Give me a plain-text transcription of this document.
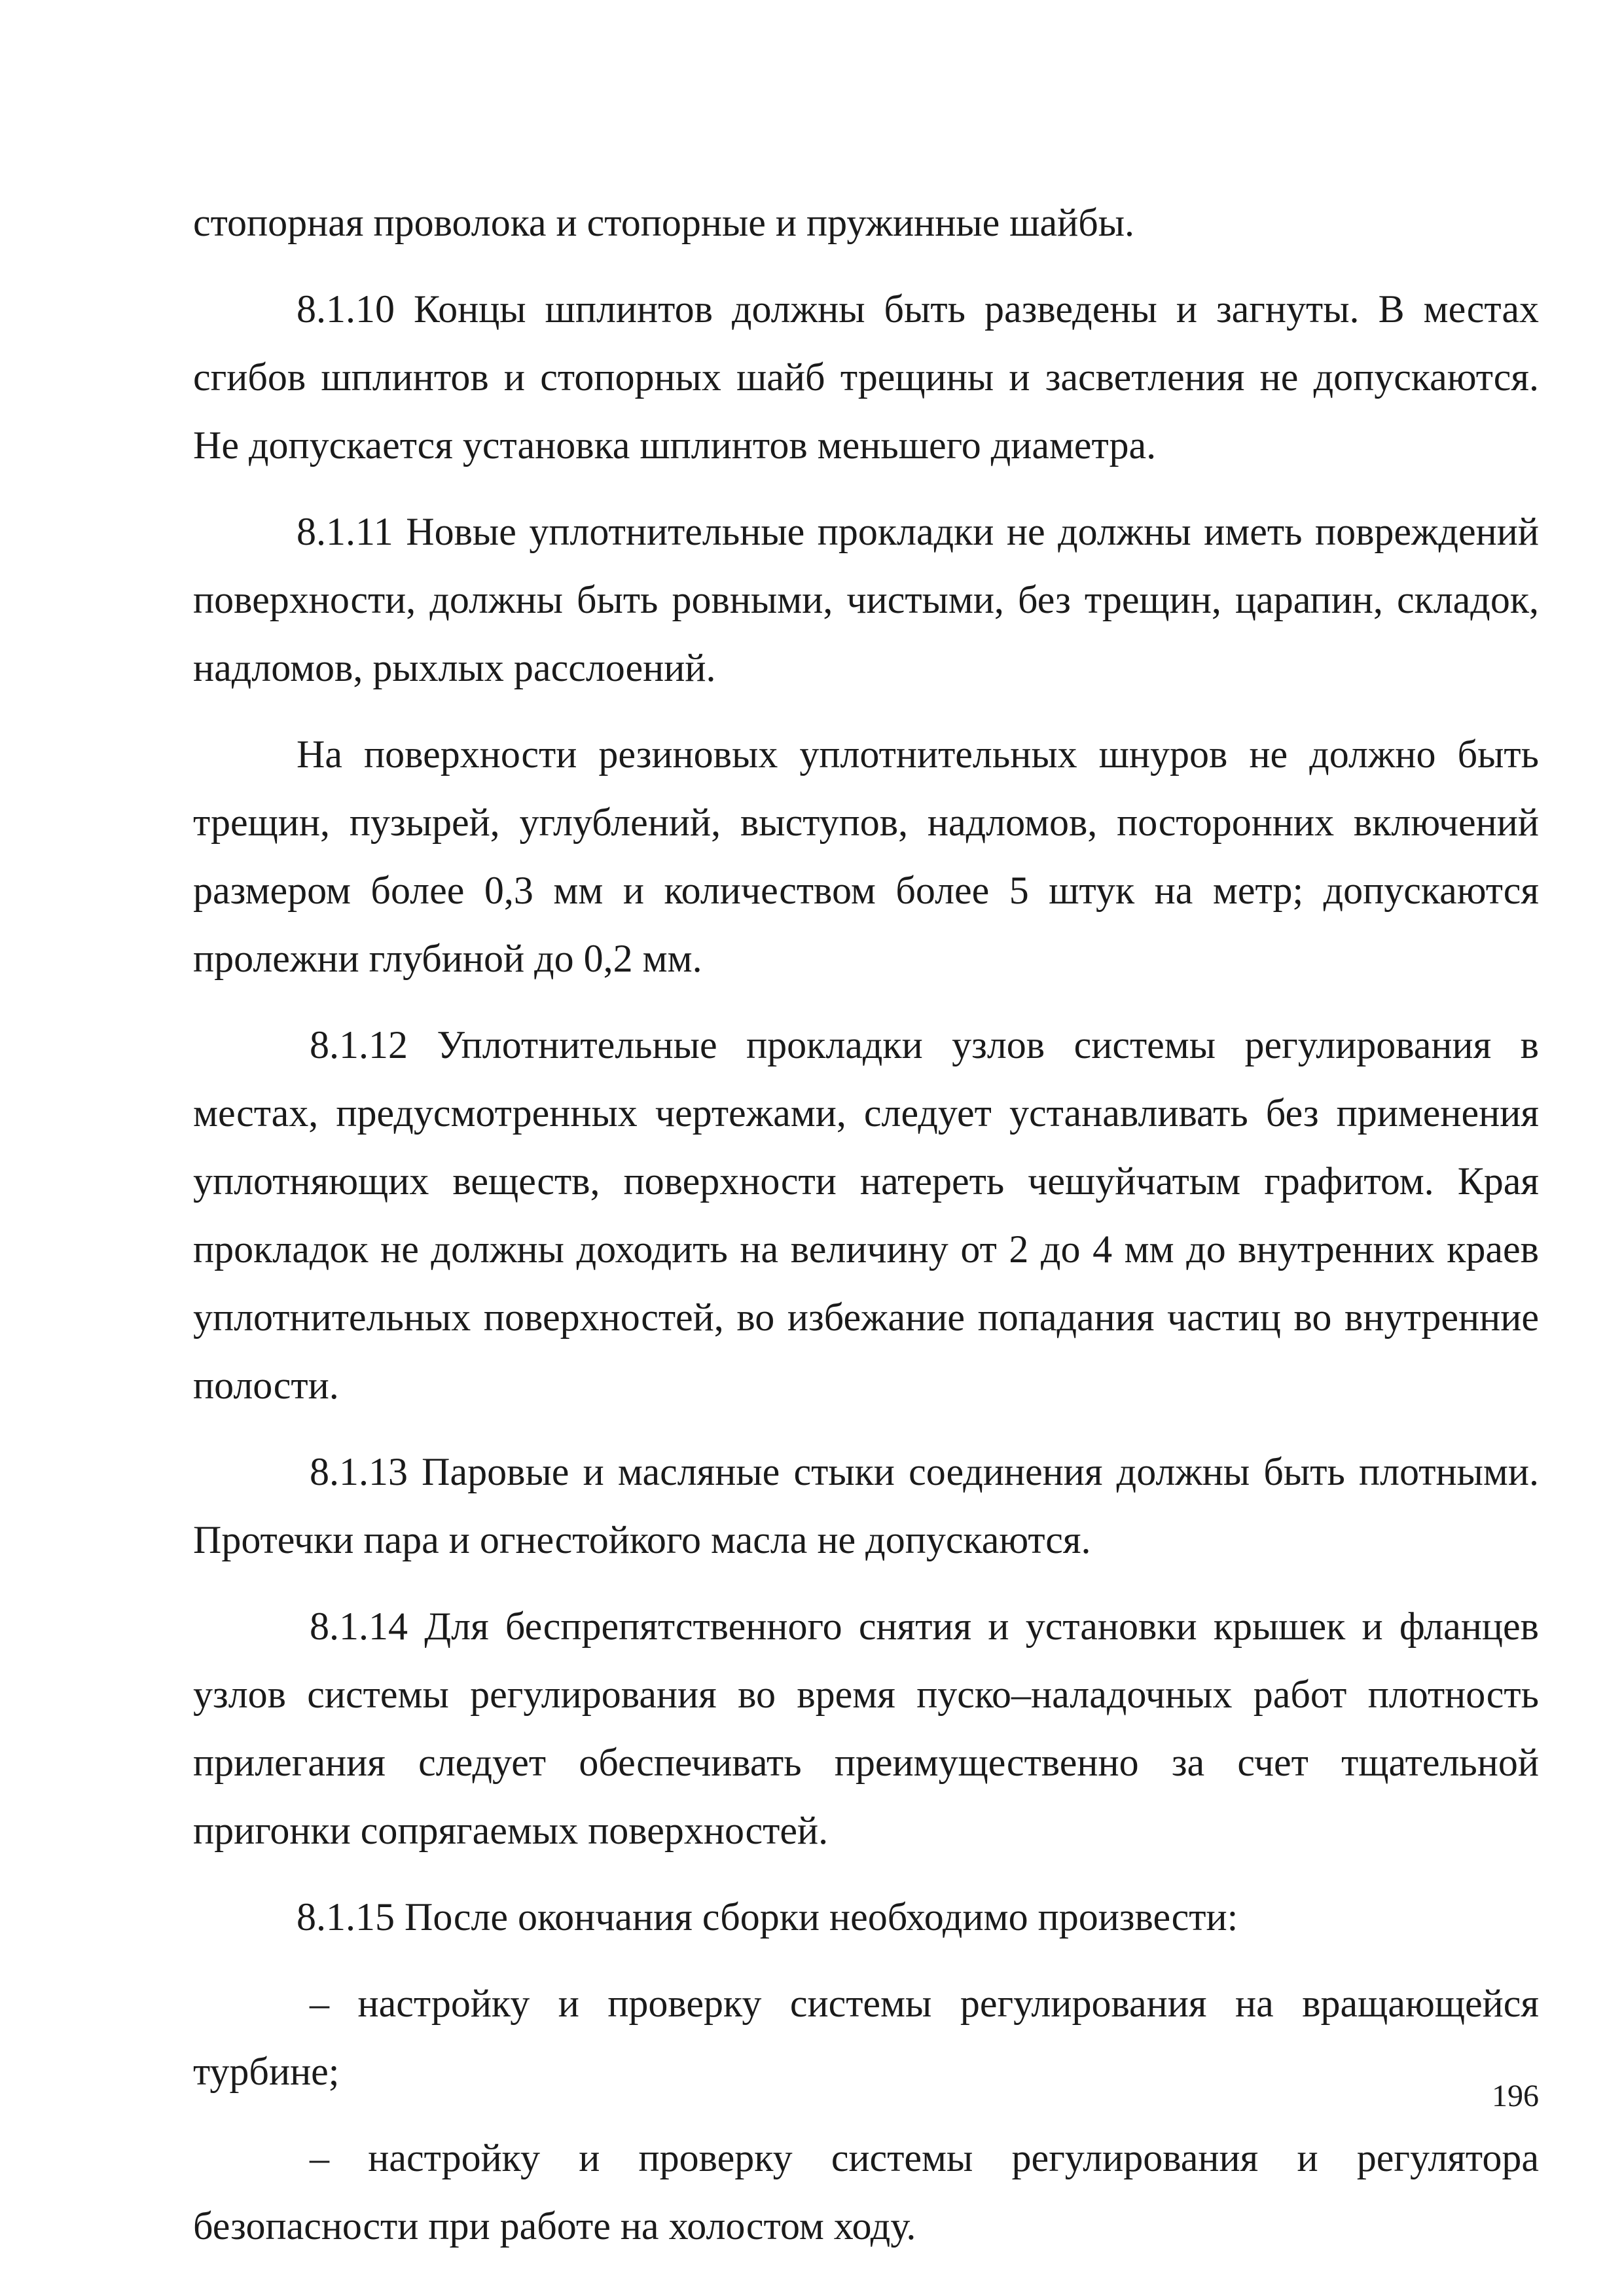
стопорная проволока и стопорные и пружинные шайбы.

8.1.10 Концы шплинтов должны быть разведены и загнуты. В местах сгибов шплинтов и стопорных шайб трещины и засветления не допускаются. Не допускается установка шплинтов меньшего диаметра.

8.1.11 Новые уплотнительные прокладки не должны иметь повреждений поверхности, должны быть ровными, чистыми, без трещин, царапин, складок, надломов, рыхлых расслоений.

На поверхности резиновых уплотнительных шнуров не должно быть трещин, пузырей, углублений, выступов, надломов, посторонних включений размером более 0,3 мм и количеством более 5 штук на метр; допускаются пролежни глубиной до 0,2 мм.

8.1.12 Уплотнительные прокладки узлов системы регулирования в местах, предусмотренных чертежами, следует устанавливать без применения уплотняющих веществ, поверхности натереть чешуйчатым графитом. Края прокладок не должны доходить на величину от 2 до 4 мм до внутренних краев уплотнительных поверхностей, во избежание попадания частиц во внутренние полости.

8.1.13 Паровые и масляные стыки соединения должны быть плотными. Протечки пара и огнестойкого масла не допускаются.

8.1.14 Для беспрепятственного снятия и установки крышек и фланцев узлов системы регулирования во время пуско–наладочных работ плотность прилегания следует обеспечивать преимущественно за счет тщательной пригонки сопрягаемых поверхностей.

8.1.15 После окончания сборки необходимо произвести:

– настройку и проверку системы регулирования на вращающейся турбине;

– настройку и проверку системы регулирования и регулятора безопасности при работе на холостом ходу.

196
